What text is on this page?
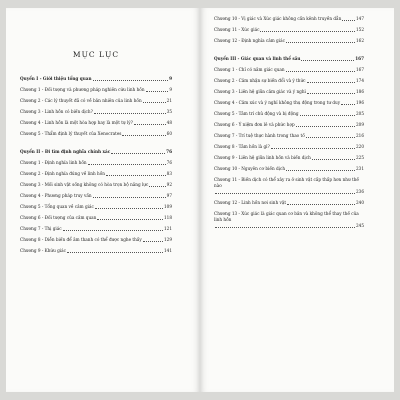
MỤC LỤC
Quyển I - Giới thiệu tổng quan	9
Chương 1 - Đối tượng và phương pháp nghiên cứu linh hồn	9
Chương 2 - Các lý thuyết đã có về bản nhiên của linh hồn	21
Chương 3 - Linh hồn có biến dịch?	35
Chương 4 - Linh hồn là một hòa hợp hay là một tự lý?	48
Chương 5 - Thẩm định lý thuyết của Xenocrates	60
Quyển II - Đi tìm định nghĩa chính xác	76
Chương 1 - Định nghĩa linh hồn	76
Chương 2 - Định nghĩa đúng về linh hồn	83
Chương 3 - Mối sinh vật sống không có hòa trọn bộ năng lực	92
Chương 4 - Phương pháp truy vấn	97
Chương 5 - Tổng quan về cảm giác	109
Chương 6 - Đối tượng của cảm quan	118
Chương 7 - Thị giác	121
Chương 8 - Diễn biến để âm thanh có thể được nghe thấy	129
Chương 9 - Khứu giác	141
Chương 10 - Vị giác và Xúc giác không cần kênh truyền dẫn	147
Chương 11 - Xúc giác	152
Chương 12 - Định nghĩa cảm giác	162
Quyển III - Giác quan và linh thể sâu	167
Chương 1 - Chỉ có năm giác quan	167
Chương 2 - Cảm nhận sự biến đổi và ý thức	174
Chương 3 - Liên hệ giữa cảm giác và ý nghĩ	186
Chương 4 - Cảm xúc và ý nghĩ không thụ động trong tư duy	196
Chương 5 - Tâm trí chủ động và bị động	205
Chương 6 - Ý niệm đơn lẻ và phức hợp	209
Chương 7 - Trí tuệ thực hành trong thao tố	216
Chương 8 - Tâm hồn là gì?	220
Chương 9 - Liên hệ giữa linh hồn và biến dịch	225
Chương 10 - Nguyên cơ biến dịch	231
Chương 11 - Biến dịch có thể xảy ra ở sinh vật cấp thấp hơn như thế nào
236
Chương 12 - Linh hồn nơi sinh vật	240
Chương 13 - Xúc giác là giác quan cơ bản và không thể thay thế của linh hồn
245
